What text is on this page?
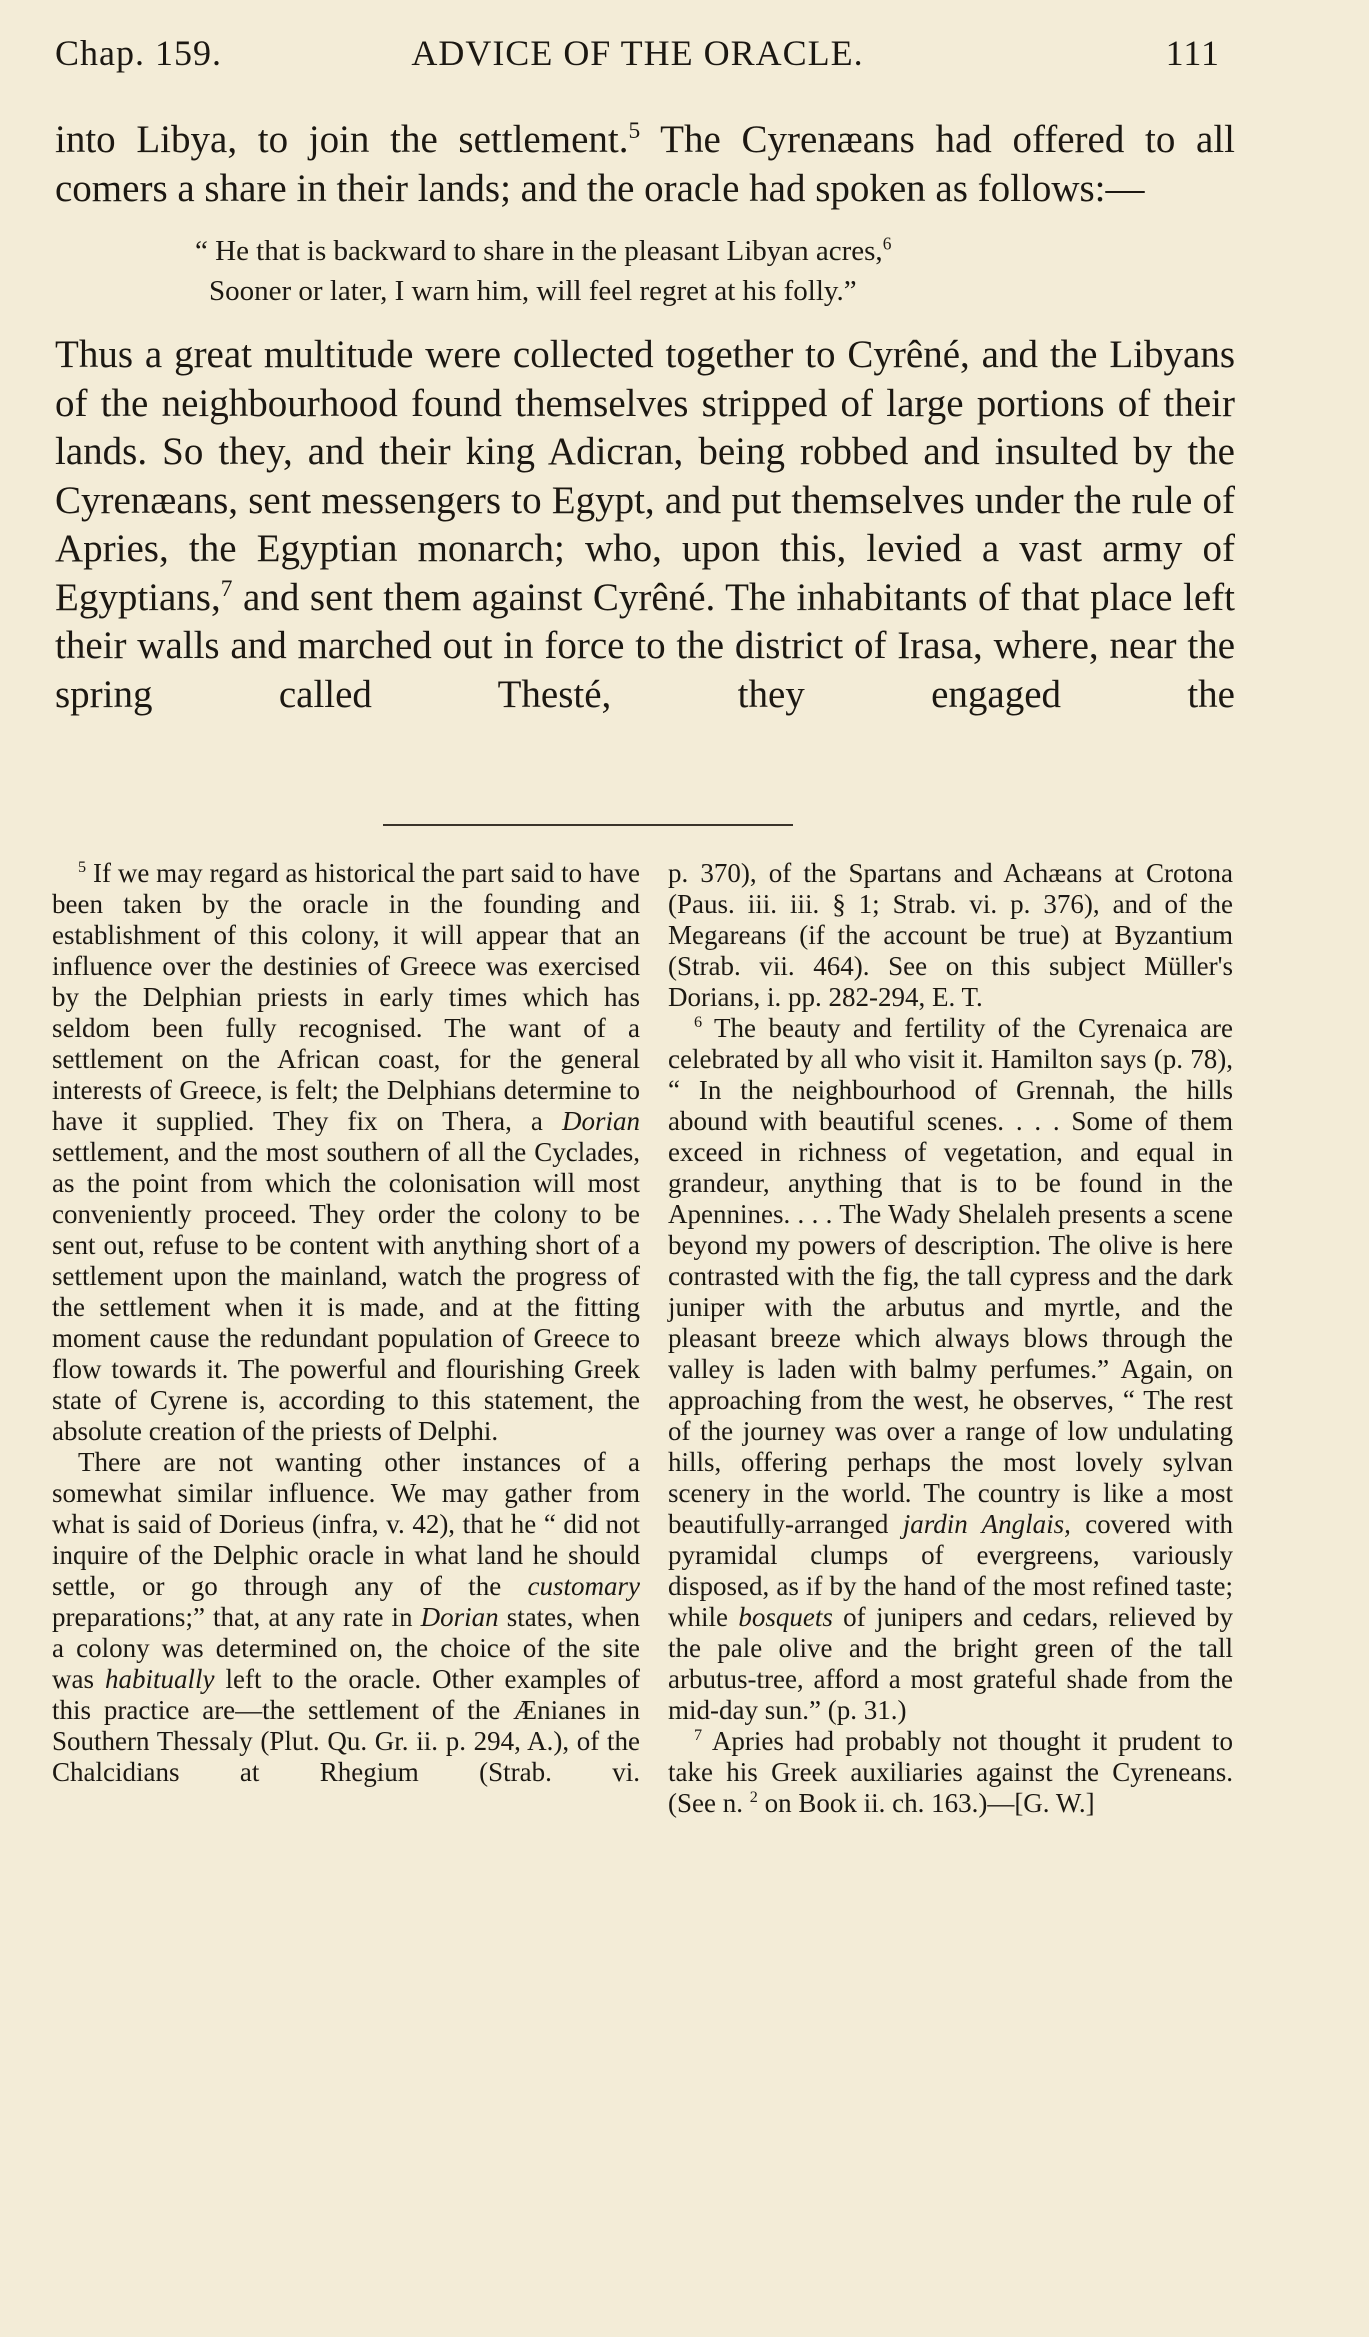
Chap. 159.	ADVICE OF THE ORACLE.	111

into Libya, to join the settlement.$^5$ The Cyrenæans had offered to all comers a share in their lands; and the oracle had spoken as follows:—

“ He that is backward to share in the pleasant Libyan acres,$^6$
Sooner or later, I warn him, will feel regret at his folly.”

Thus a great multitude were collected together to Cyrêné, and the Libyans of the neighbourhood found themselves stripped of large portions of their lands. So they, and their king Adicran, being robbed and insulted by the Cyrenæans, sent messengers to Egypt, and put themselves under the rule of Apries, the Egyptian monarch; who, upon this, levied a vast army of Egyptians,$^7$ and sent them against Cyrêné. The inhabitants of that place left their walls and marched out in force to the district of Irasa, where, near the spring called Thesté, they engaged the

$^5$ If we may regard as historical the part said to have been taken by the oracle in the founding and establishment of this colony, it will appear that an influence over the destinies of Greece was exercised by the Delphian priests in early times which has seldom been fully recognised. The want of a settlement on the African coast, for the general interests of Greece, is felt; the Delphians determine to have it supplied. They fix on Thera, a Dorian settlement, and the most southern of all the Cyclades, as the point from which the colonisation will most conveniently proceed. They order the colony to be sent out, refuse to be content with anything short of a settlement upon the mainland, watch the progress of the settlement when it is made, and at the fitting moment cause the redundant population of Greece to flow towards it. The powerful and flourishing Greek state of Cyrene is, according to this statement, the absolute creation of the priests of Delphi.

There are not wanting other instances of a somewhat similar influence. We may gather from what is said of Dorieus (infra, v. 42), that he “ did not inquire of the Delphic oracle in what land he should settle, or go through any of the customary preparations;” that, at any rate in Dorian states, when a colony was determined on, the choice of the site was habitually left to the oracle. Other examples of this practice are—the settlement of the Ænianes in Southern Thessaly (Plut. Qu. Gr. ii. p. 294, A.), of the Chalcidians at Rhegium (Strab. vi.

p. 370), of the Spartans and Achæans at Crotona (Paus. iii. iii. § 1; Strab. vi. p. 376), and of the Megareans (if the account be true) at Byzantium (Strab. vii. 464). See on this subject Müller's Dorians, i. pp. 282-294, E. T.

$^6$ The beauty and fertility of the Cyrenaica are celebrated by all who visit it. Hamilton says (p. 78), “ In the neighbourhood of Grennah, the hills abound with beautiful scenes. . . . Some of them exceed in richness of vegetation, and equal in grandeur, anything that is to be found in the Apennines. . . . The Wady Shelaleh presents a scene beyond my powers of description. The olive is here contrasted with the fig, the tall cypress and the dark juniper with the arbutus and myrtle, and the pleasant breeze which always blows through the valley is laden with balmy perfumes.” Again, on approaching from the west, he observes, “ The rest of the journey was over a range of low undulating hills, offering perhaps the most lovely sylvan scenery in the world. The country is like a most beautifully-arranged jardin Anglais, covered with pyramidal clumps of evergreens, variously disposed, as if by the hand of the most refined taste; while bosquets of junipers and cedars, relieved by the pale olive and the bright green of the tall arbutus-tree, afford a most grateful shade from the mid-day sun.” (p. 31.)

$^7$ Apries had probably not thought it prudent to take his Greek auxiliaries against the Cyreneans. (See n. $^2$ on Book ii. ch. 163.)—[G. W.]
